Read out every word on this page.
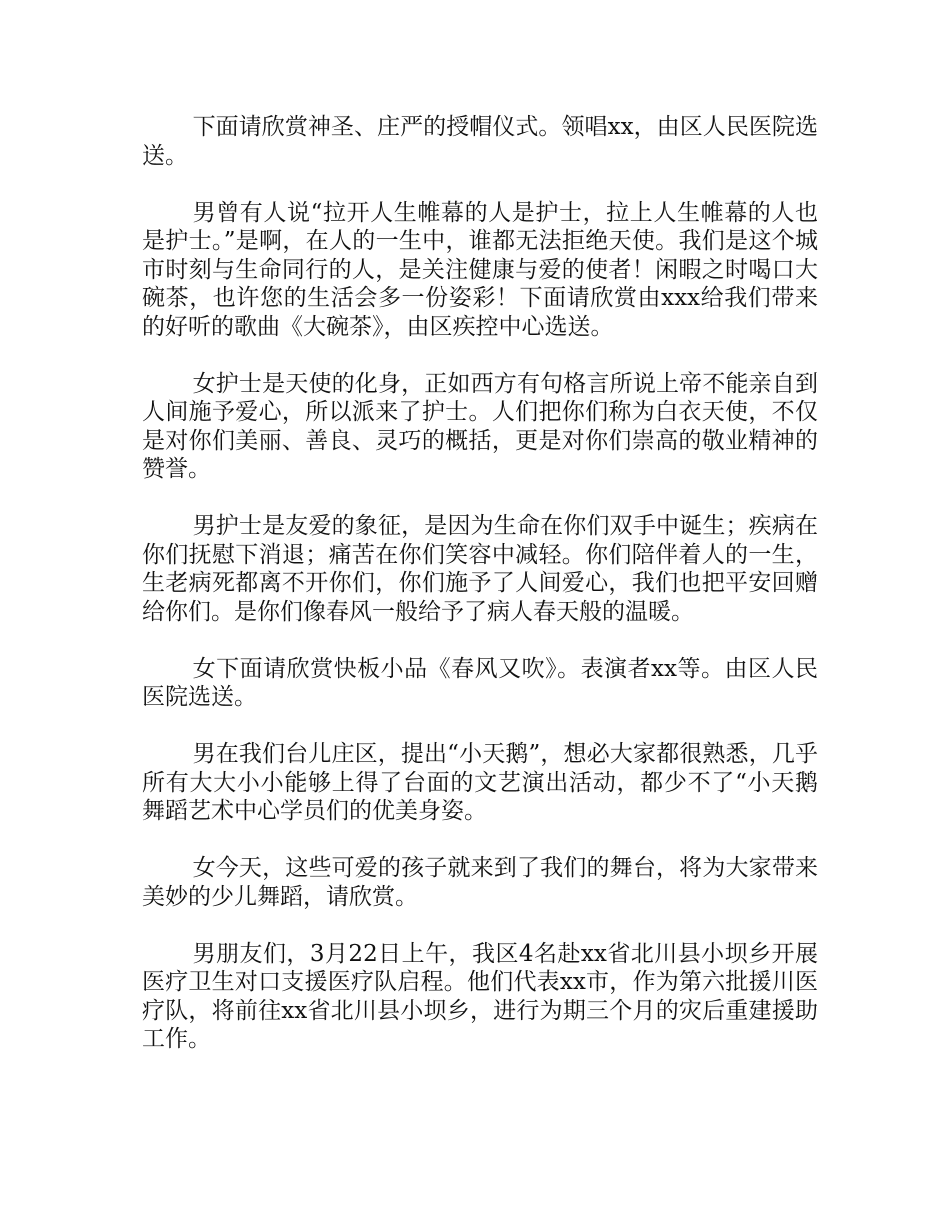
下面请欣赏神圣、庄严的授帽仪式。领唱xx，由区人民医院选送。

男曾有人说“拉开人生帷幕的人是护士，拉上人生帷幕的人也是护士。”是啊，在人的一生中，谁都无法拒绝天使。我们是这个城市时刻与生命同行的人，是关注健康与爱的使者！闲暇之时喝口大碗茶，也许您的生活会多一份姿彩！下面请欣赏由xxx给我们带来的好听的歌曲《大碗茶》，由区疾控中心选送。

女护士是天使的化身，正如西方有句格言所说上帝不能亲自到人间施予爱心，所以派来了护士。人们把你们称为白衣天使，不仅是对你们美丽、善良、灵巧的概括，更是对你们崇高的敬业精神的赞誉。

男护士是友爱的象征，是因为生命在你们双手中诞生；疾病在你们抚慰下消退；痛苦在你们笑容中减轻。你们陪伴着人的一生，生老病死都离不开你们，你们施予了人间爱心，我们也把平安回赠给你们。是你们像春风一般给予了病人春天般的温暖。

女下面请欣赏快板小品《春风又吹》。表演者xx等。由区人民医院选送。

男在我们台儿庄区，提出“小天鹅”，想必大家都很熟悉，几乎所有大大小小能够上得了台面的文艺演出活动，都少不了“小天鹅舞蹈艺术中心学员们的优美身姿。

女今天，这些可爱的孩子就来到了我们的舞台，将为大家带来美妙的少儿舞蹈，请欣赏。

男朋友们，3月22日上午，我区4名赴xx省北川县小坝乡开展医疗卫生对口支援医疗队启程。他们代表xx市，作为第六批援川医疗队，将前往xx省北川县小坝乡，进行为期三个月的灾后重建援助工作。
